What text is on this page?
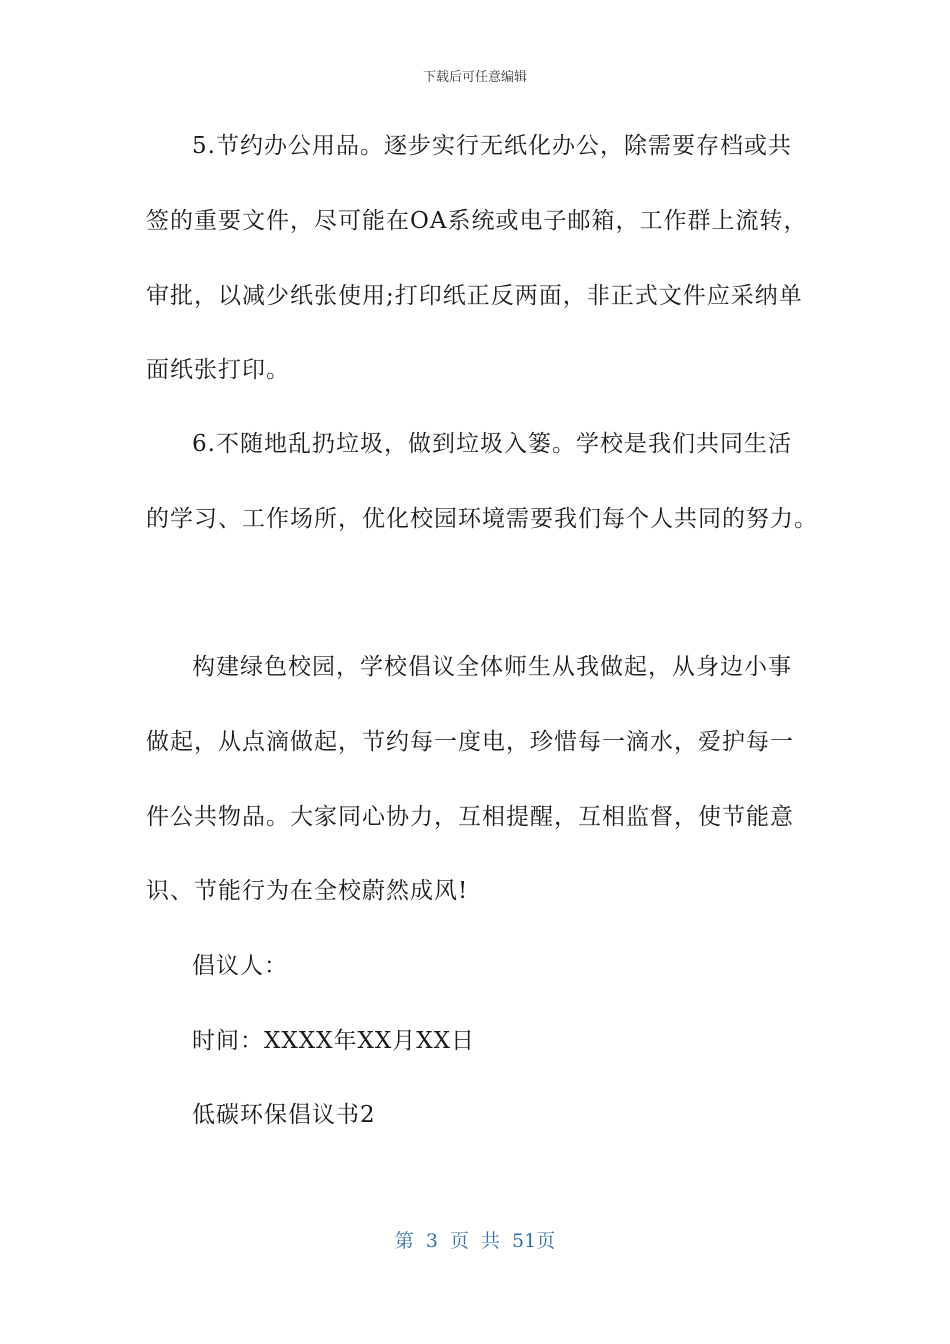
下载后可任意编辑
5.节约办公用品。逐步实行无纸化办公，除需要存档或共
签的重要文件，尽可能在OA系统或电子邮箱，工作群上流转，
审批，以减少纸张使用;打印纸正反两面，非正式文件应采纳单
面纸张打印。
6.不随地乱扔垃圾，做到垃圾入篓。学校是我们共同生活
的学习、工作场所，优化校园环境需要我们每个人共同的努力。
构建绿色校园，学校倡议全体师生从我做起，从身边小事
做起，从点滴做起，节约每一度电，珍惜每一滴水，爱护每一
件公共物品。大家同心协力，互相提醒，互相监督，使节能意
识、节能行为在全校蔚然成风!
倡议人：
时间：XXXX年XX月XX日
低碳环保倡议书2
第 3 页 共 51页
